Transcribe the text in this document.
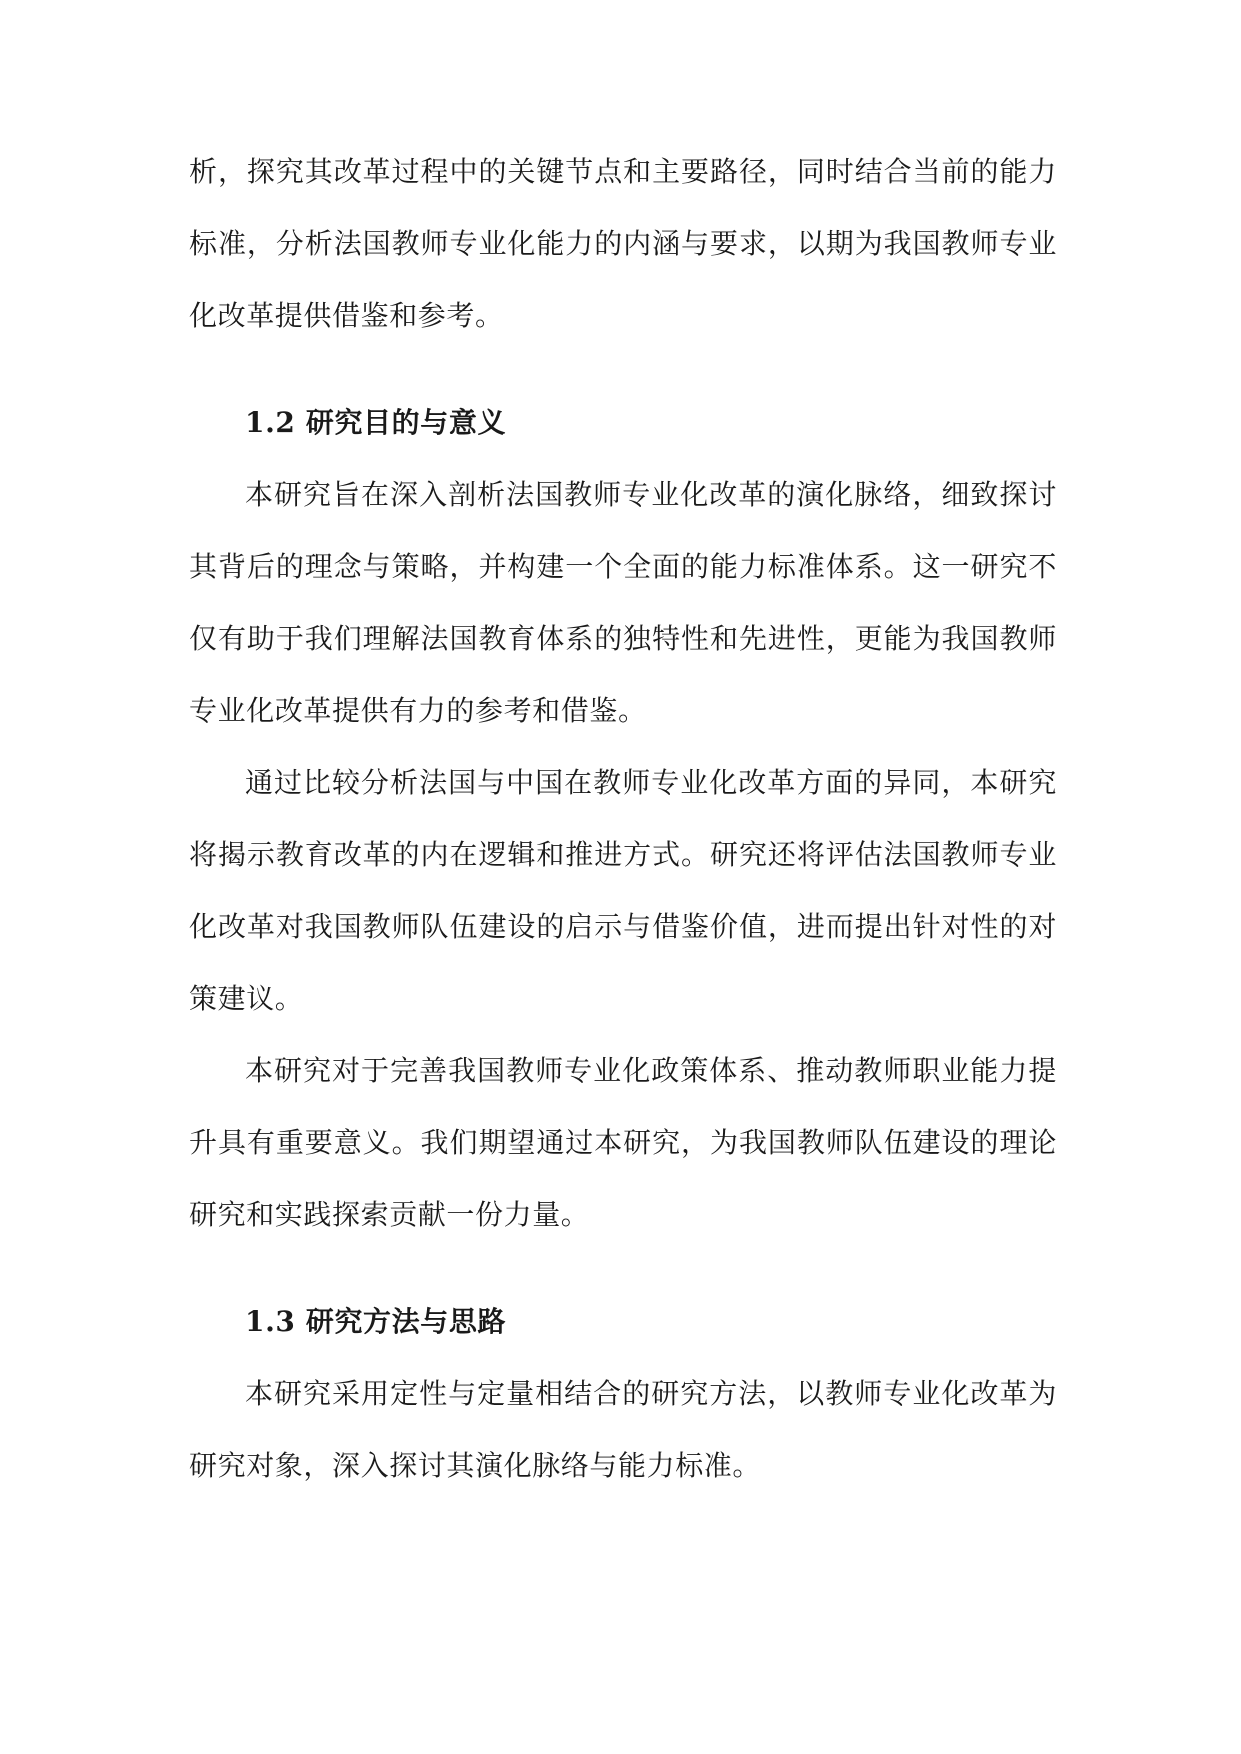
析，探究其改革过程中的关键节点和主要路径，同时结合当前的能力标准，分析法国教师专业化能力的内涵与要求，以期为我国教师专业化改革提供借鉴和参考。

1.2 研究目的与意义

本研究旨在深入剖析法国教师专业化改革的演化脉络，细致探讨其背后的理念与策略，并构建一个全面的能力标准体系。这一研究不仅有助于我们理解法国教育体系的独特性和先进性，更能为我国教师专业化改革提供有力的参考和借鉴。

通过比较分析法国与中国在教师专业化改革方面的异同，本研究将揭示教育改革的内在逻辑和推进方式。研究还将评估法国教师专业化改革对我国教师队伍建设的启示与借鉴价值，进而提出针对性的对策建议。

本研究对于完善我国教师专业化政策体系、推动教师职业能力提升具有重要意义。我们期望通过本研究，为我国教师队伍建设的理论研究和实践探索贡献一份力量。

1.3 研究方法与思路

本研究采用定性与定量相结合的研究方法，以教师专业化改革为研究对象，深入探讨其演化脉络与能力标准。
